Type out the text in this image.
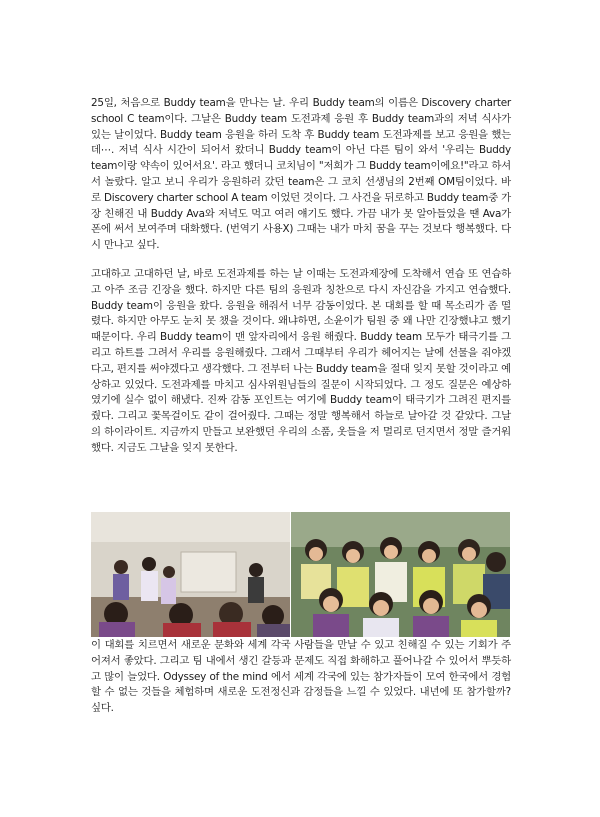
25일, 처음으로 Buddy team을 만나는 날. 우리 Buddy team의 이름은 Discovery charter school C team이다. 그날은 Buddy team 도전과제 응원 후 Buddy team과의 저녁 식사가 있는 날이었다. Buddy team 응원을 하러 도착 후 Buddy team 도전과제를 보고 응원을 했는데⋯. 저녁 식사 시간이 되어서 왔더니 Buddy team이 아닌 다른 팀이 와서 '우리는 Buddy team이랑 약속이 있어서요'. 라고 했더니 코치님이 "저희가 그 Buddy team이에요!"라고 하셔서 놀랐다. 알고 보니 우리가 응원하러 갔던 team은 그 코치 선생님의 2번째 OM팀이었다. 바로 Discovery charter school A team 이었던 것이다. 그 사건을 뒤로하고 Buddy team중 가장 친해진 내 Buddy Ava와 저녁도 먹고 여러 얘기도 했다. 가끔 내가 못 알아들었을 땐 Ava가 폰에 써서 보여주며 대화했다. (번역기 사용X) 그때는 내가 마치 꿈을 꾸는 것보다 행복했다. 다시 만나고 싶다.
고대하고 고대하던 날, 바로 도전과제를 하는 날 이때는 도전과제장에 도착해서 연습 또 연습하고 아주 조금 긴장을 했다. 하지만 다른 팀의 응원과 칭찬으로 다시 자신감을 가지고 연습했다. Buddy team이 응원을 왔다. 응원을 해줘서 너무 감동이었다. 본 대회를 할 때 목소리가 좀 떨렸다. 하지만 아무도 눈치 못 챘을 것이다. 왜냐하면, 소윤이가 팀원 중 왜 나만 긴장했냐고 했기 때문이다. 우리 Buddy team이 맨 앞자리에서 응원 해줬다. Buddy team 모두가 태극기를 그리고 하트를 그려서 우리를 응원해줬다. 그래서 그때부터 우리가 헤어지는 날에 선물을 줘야겠다고, 편지를 써야겠다고 생각했다. 그 전부터 나는 Buddy team을 절대 잊지 못할 것이라고 예상하고 있었다. 도전과제를 마치고 심사위원님들의 질문이 시작되었다. 그 정도 질문은 예상하였기에 실수 없이 해냈다. 진짜 감동 포인트는 여기에 Buddy team이 태극기가 그려진 편지를 줬다. 그리고 꽃목걸이도 같이 걸어줬다. 그때는 정말 행복해서 하늘로 날아갈 것 같았다. 그날의 하이라이트. 지금까지 만들고 보완했던 우리의 소품, 옷들을 저 멀리로 던지면서 정말 즐거워했다. 지금도 그날을 잊지 못한다.
이 대회를 치르면서 새로운 문화와 세계 각국 사람들을 만날 수 있고 친해질 수 있는 기회가 주어져서 좋았다. 그리고 팀 내에서 생긴 갈등과 문제도 직접 화해하고 풀어나갈 수 있어서 뿌듯하고 많이 늘었다. Odyssey of the mind 에서 세계 각국에 있는 참가자들이 모여 한국에서 경험할 수 없는 것들을 체험하며 새로운 도전정신과 감정들을 느낄 수 있었다. 내년에 또 참가할까? 싶다.
